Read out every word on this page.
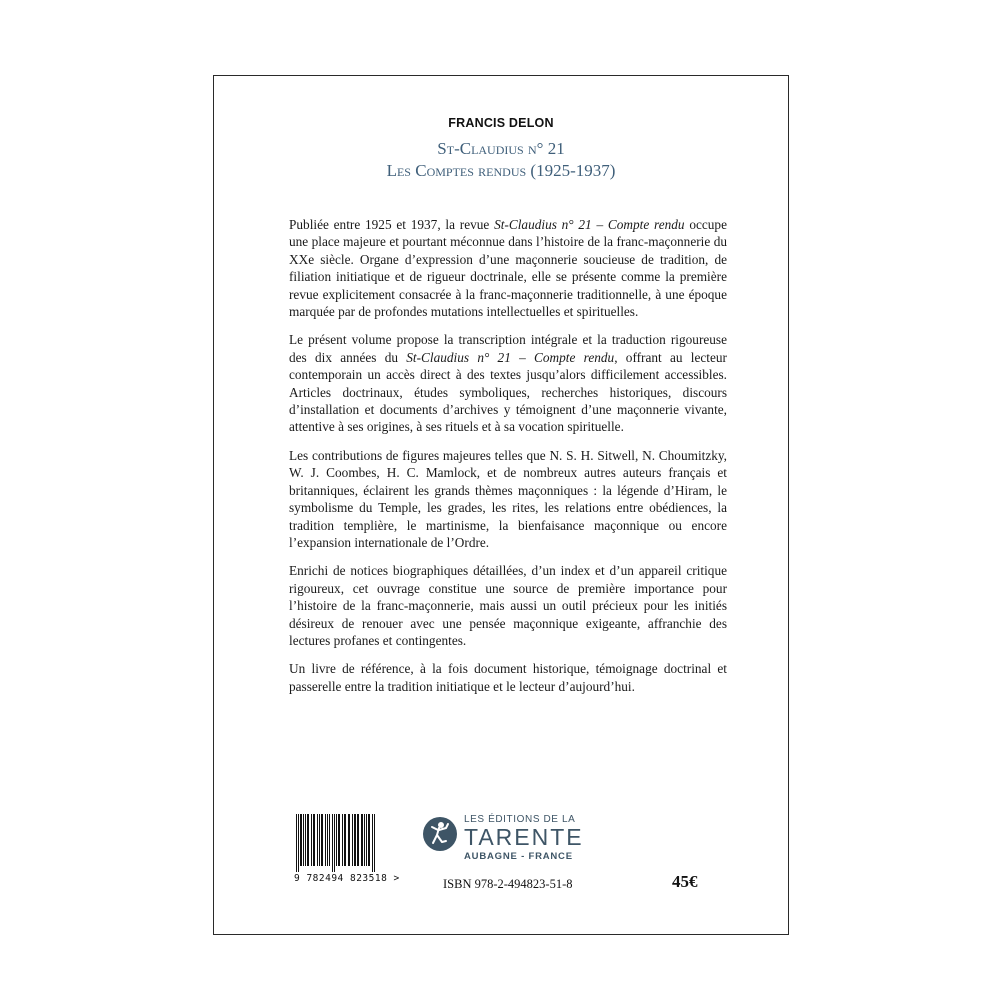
FRANCIS DELON
St-Claudius n° 21
Les Comptes rendus (1925-1937)

Publiée entre 1925 et 1937, la revue St-Claudius n° 21 – Compte rendu occupe une place majeure et pourtant méconnue dans l’histoire de la franc-maçonnerie du XXe siècle. Organe d’expression d’une maçonnerie soucieuse de tradition, de filiation initiatique et de rigueur doctrinale, elle se présente comme la première revue explicitement consacrée à la franc-maçonnerie traditionnelle, à une époque marquée par de profondes mutations intellectuelles et spirituelles.

Le présent volume propose la transcription intégrale et la traduction rigoureuse des dix années du St-Claudius n° 21 – Compte rendu, offrant au lecteur contemporain un accès direct à des textes jusqu’alors difficilement accessibles. Articles doctrinaux, études symboliques, recherches historiques, discours d’installation et documents d’archives y témoignent d’une maçonnerie vivante, attentive à ses origines, à ses rituels et à sa vocation spirituelle.

Les contributions de figures majeures telles que N. S. H. Sitwell, N. Choumitzky, W. J. Coombes, H. C. Mamlock, et de nombreux autres auteurs français et britanniques, éclairent les grands thèmes maçonniques : la légende d’Hiram, le symbolisme du Temple, les grades, les rites, les relations entre obédiences, la tradition templière, le martinisme, la bienfaisance maçonnique ou encore l’expansion internationale de l’Ordre.

Enrichi de notices biographiques détaillées, d’un index et d’un appareil critique rigoureux, cet ouvrage constitue une source de première importance pour l’histoire de la franc-maçonnerie, mais aussi un outil précieux pour les initiés désireux de renouer avec une pensée maçonnique exigeante, affranchie des lectures profanes et contingentes.

Un livre de référence, à la fois document historique, témoignage doctrinal et passerelle entre la tradition initiatique et le lecteur d’aujourd’hui.

9 782494 823518 >
LES ÉDITIONS DE LA
TARENTE
AUBAGNE - FRANCE
ISBN 978-2-494823-51-8	45€
